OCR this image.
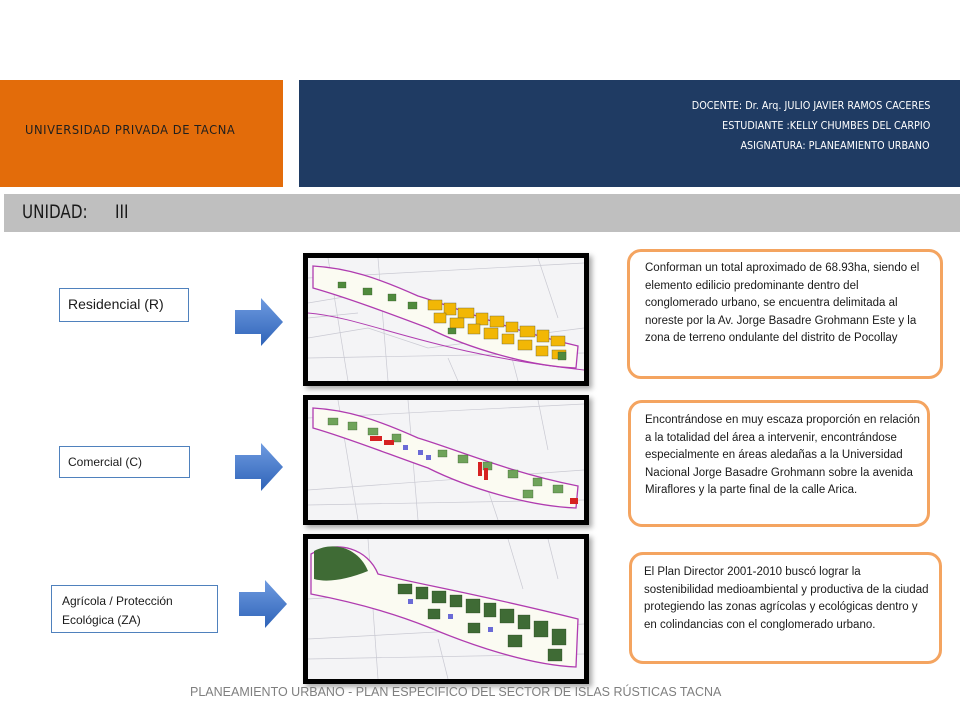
UNIVERSIDAD PRIVADA DE TACNA
DOCENTE: Dr. Arq. JULIO JAVIER RAMOS CACERES
ESTUDIANTE :KELLY CHUMBES DEL CARPIO
ASIGNATURA: PLANEAMIENTO URBANO
UNIDAD: III
Residencial (R)
Comercial (C)
Agrícola / Protección Ecológica (ZA)
Conforman un total aproximado de 68.93ha, siendo el elemento edilicio predominante dentro del conglomerado urbano, se encuentra delimitada al noreste por la Av. Jorge Basadre Grohmann Este y la zona de terreno ondulante del distrito de Pocollay
Encontrándose en muy escaza proporción en relación a la totalidad del área a intervenir, encontrándose especialmente en áreas aledañas a la Universidad Nacional Jorge Basadre Grohmann sobre la avenida Miraflores y la parte final de la calle Arica.
El Plan Director 2001-2010 buscó lograr la sostenibilidad medioambiental y productiva de la ciudad protegiendo las zonas agrícolas y ecológicas dentro y en colindancias con el conglomerado urbano.
PLANEAMIENTO URBANO - PLAN ESPECIFICO DEL SECTOR DE ISLAS RÚSTICAS TACNA
